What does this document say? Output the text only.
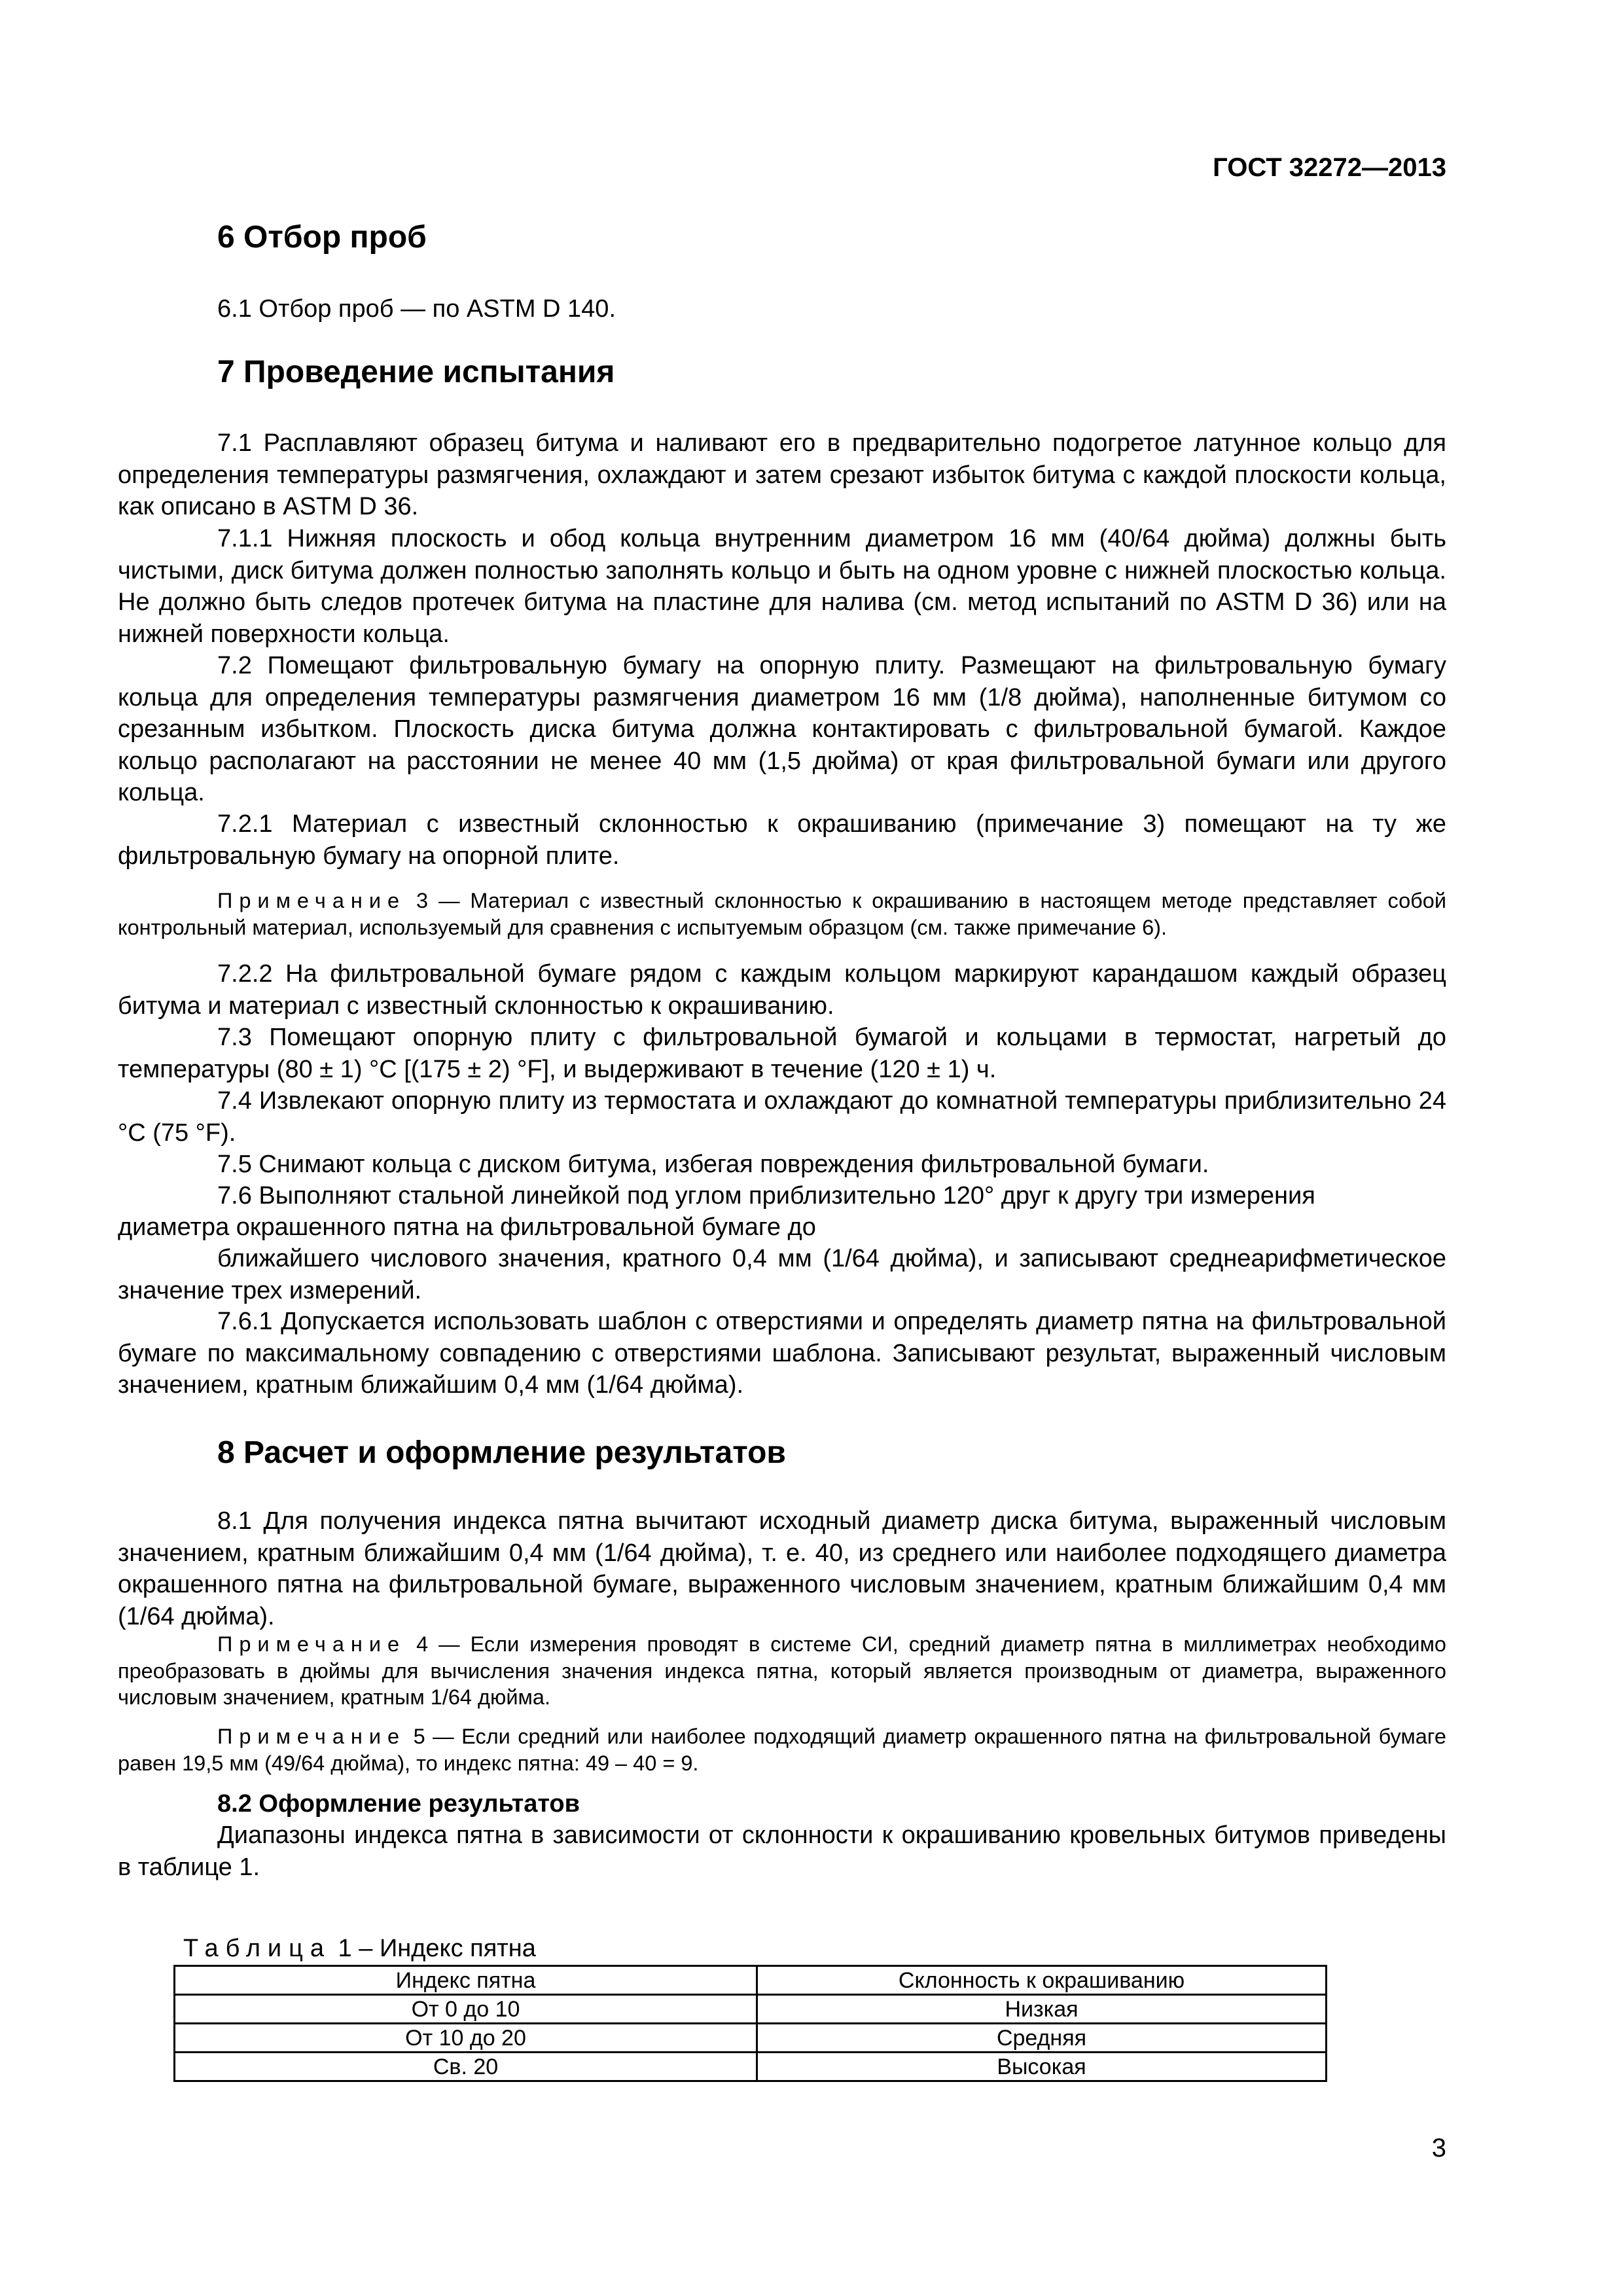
ГОСТ 32272—2013
6 Отбор проб
6.1 Отбор проб — по ASTM D 140.
7 Проведение испытания
7.1 Расплавляют образец битума и наливают его в предварительно подогретое латунное кольцо для определения температуры размягчения, охлаждают и затем срезают избыток битума с каждой плоскости кольца, как описано в ASTM D 36.
7.1.1 Нижняя плоскость и обод кольца внутренним диаметром 16 мм (40/64 дюйма) должны быть чистыми, диск битума должен полностью заполнять кольцо и быть на одном уровне с нижней плоскостью кольца. Не должно быть следов протечек битума на пластине для налива (см. метод испытаний по ASTM D 36) или на нижней поверхности кольца.
7.2 Помещают фильтровальную бумагу на опорную плиту. Размещают на фильтровальную бумагу кольца для определения температуры размягчения диаметром 16 мм (1/8 дюйма), наполненные битумом со срезанным избытком. Плоскость диска битума должна контактировать с фильтровальной бумагой. Каждое кольцо располагают на расстоянии не менее 40 мм (1,5 дюйма) от края фильтровальной бумаги или другого кольца.
7.2.1 Материал с известный склонностью к окрашиванию (примечание 3) помещают на ту же фильтровальную бумагу на опорной плите.
Примечание 3 — Материал с известный склонностью к окрашиванию в настоящем методе представляет собой контрольный материал, используемый для сравнения с испытуемым образцом (см. также примечание 6).
7.2.2 На фильтровальной бумаге рядом с каждым кольцом маркируют карандашом каждый образец битума и материал с известный склонностью к окрашиванию.
7.3 Помещают опорную плиту с фильтровальной бумагой и кольцами в термостат, нагретый до температуры (80 ± 1) °С [(175 ± 2) °F], и выдерживают в течение (120 ± 1) ч.
7.4 Извлекают опорную плиту из термостата и охлаждают до комнатной температуры приблизительно 24 °С (75 °F).
7.5 Снимают кольца с диском битума, избегая повреждения фильтровальной бумаги.
7.6 Выполняют стальной линейкой под углом приблизительно 120° друг к другу три измерения
диаметра окрашенного пятна на фильтровальной бумаге до
ближайшего числового значения, кратного 0,4 мм (1/64 дюйма), и записывают среднеарифметическое значение трех измерений.
7.6.1 Допускается использовать шаблон с отверстиями и определять диаметр пятна на фильтровальной бумаге по максимальному совпадению с отверстиями шаблона. Записывают результат, выраженный числовым значением, кратным ближайшим 0,4 мм (1/64 дюйма).
8 Расчет и оформление результатов
8.1 Для получения индекса пятна вычитают исходный диаметр диска битума, выраженный числовым значением, кратным ближайшим 0,4 мм (1/64 дюйма), т. е. 40, из среднего или наиболее подходящего диаметра окрашенного пятна на фильтровальной бумаге, выраженного числовым значением, кратным ближайшим 0,4 мм (1/64 дюйма).
Примечание 4 — Если измерения проводят в системе СИ, средний диаметр пятна в миллиметрах необходимо преобразовать в дюймы для вычисления значения индекса пятна, который является производным от диаметра, выраженного числовым значением, кратным 1/64 дюйма.
Примечание 5 — Если средний или наиболее подходящий диаметр окрашенного пятна на фильтровальной бумаге равен 19,5 мм (49/64 дюйма), то индекс пятна: 49 – 40 = 9.
8.2 Оформление результатов
Диапазоны индекса пятна в зависимости от склонности к окрашиванию кровельных битумов приведены в таблице 1.
Таблица 1 – Индекс пятна
Индекс пятна	Склонность к окрашиванию
От 0 до 10	Низкая
От 10 до 20	Средняя
Св. 20	Высокая
3
